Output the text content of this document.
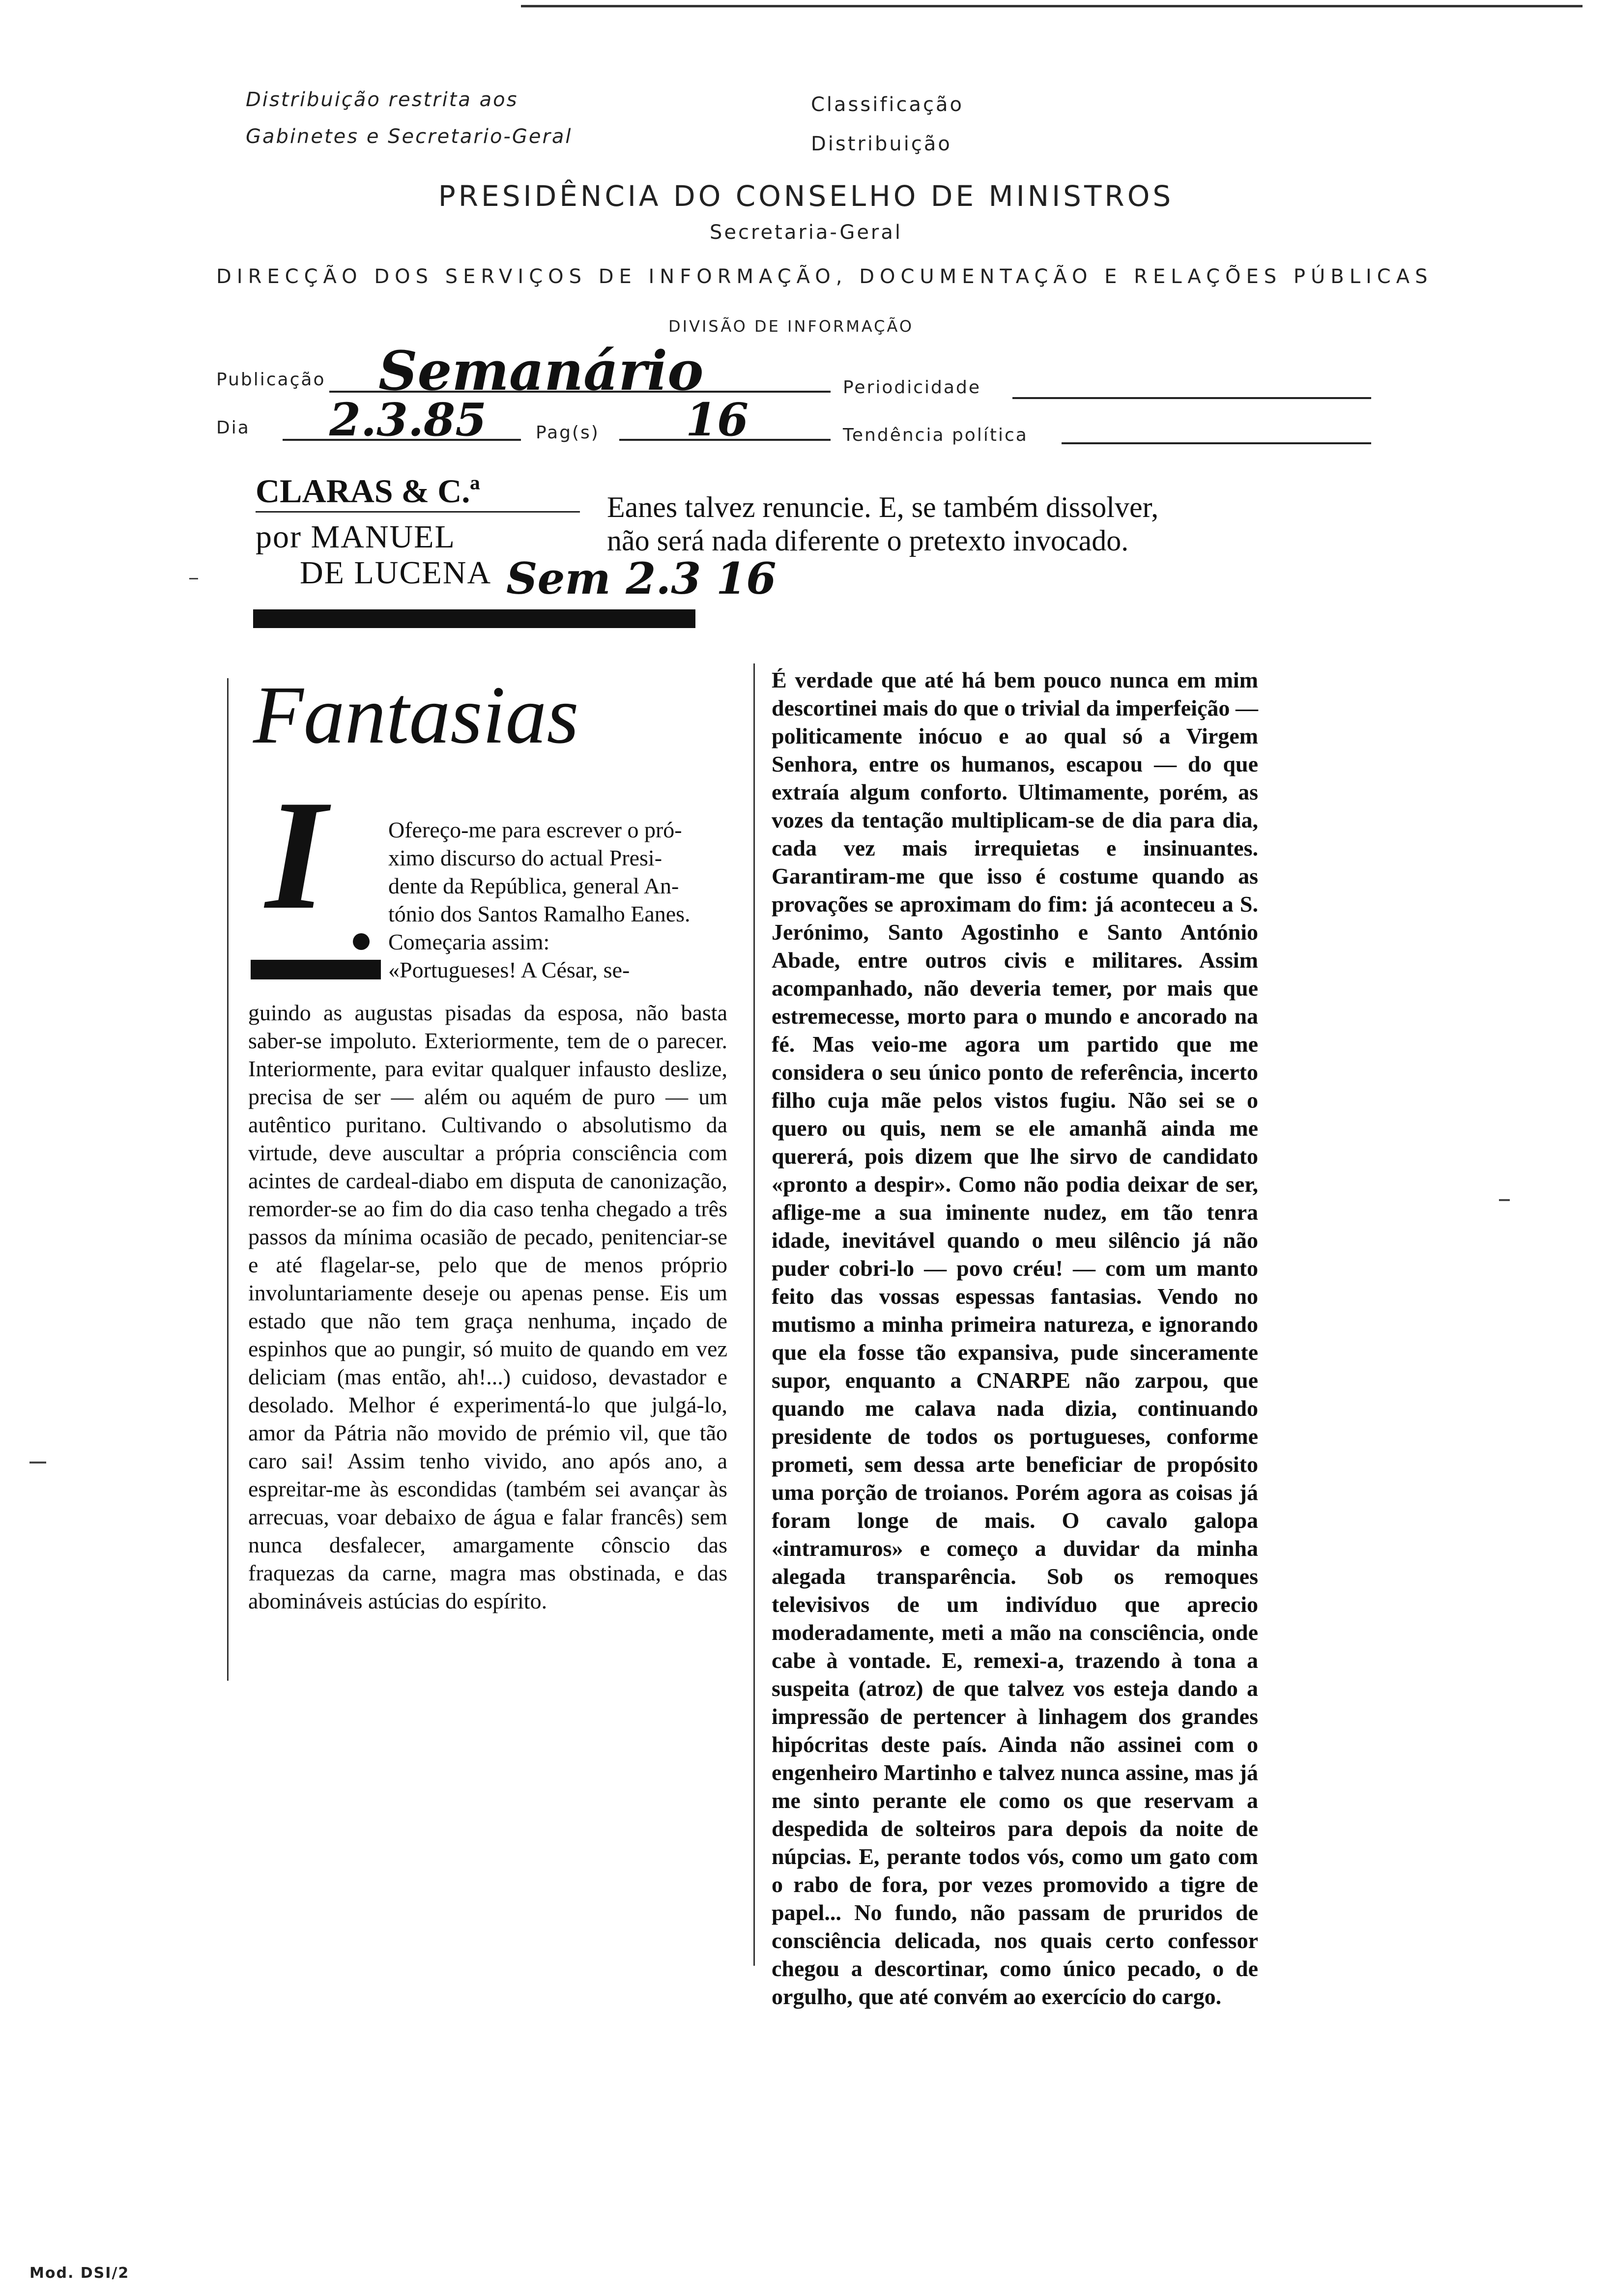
Distribuição restrita aos
Gabinetes e Secretario-Geral
Classificação
Distribuição
PRESIDÊNCIA DO CONSELHO DE MINISTROS
Secretaria-Geral
DIRECÇÃO DOS SERVIÇOS DE INFORMAÇÃO, DOCUMENTAÇÃO E RELAÇÕES PÚBLICAS
DIVISÃO DE INFORMAÇÃO
Publicação Semanário	Periodicidade
Dia 2.3.85	Pag(s) 16	Tendência política
CLARAS & C.ª
por MANUEL
DE LUCENA Sem 2.3 16
Eanes talvez renuncie. E, se também dissolver,
não será nada diferente o pretexto invocado.
Fantasias
I	Ofereço-me para escrever o pró-
ximo discurso do actual Presi-
dente da República, general An-
tónio dos Santos Ramalho Eanes.
Começaria assim:
«Portugueses! A César, se-
guindo as augustas pisadas da esposa, não basta saber-se impoluto. Exteriormente, tem de o parecer. Interiormente, para evitar qualquer infausto deslize, precisa de ser — além ou aquém de puro — um autêntico puritano. Cultivando o absolutismo da virtude, deve auscultar a própria consciência com acintes de cardeal-diabo em disputa de canonização, remorder-se ao fim do dia caso tenha chegado a três passos da mínima ocasião de pecado, penitenciar-se e até flagelar-se, pelo que de menos próprio involuntariamente deseje ou apenas pense. Eis um estado que não tem graça nenhuma, inçado de espinhos que ao pungir, só muito de quando em vez deliciam (mas então, ah!...) cuidoso, devastador e desolado. Melhor é experimentá-lo que julgá-lo, amor da Pátria não movido de prémio vil, que tão caro sai! Assim tenho vivido, ano após ano, a espreitar-me às escondidas (também sei avançar às arrecuas, voar debaixo de água e falar francês) sem nunca desfalecer, amargamente cônscio das fraquezas da carne, magra mas obstinada, e das abomináveis astúcias do espírito.
É verdade que até há bem pouco nunca em mim descortinei mais do que o trivial da imperfeição — politicamente inócuo e ao qual só a Virgem Senhora, entre os humanos, escapou — do que extraía algum conforto. Ultimamente, porém, as vozes da tentação multiplicam-se de dia para dia, cada vez mais irrequietas e insinuantes. Garantiram-me que isso é costume quando as provações se aproximam do fim: já aconteceu a S. Jerónimo, Santo Agostinho e Santo António Abade, entre outros civis e militares. Assim acompanhado, não deveria temer, por mais que estremecesse, morto para o mundo e ancorado na fé. Mas veio-me agora um partido que me considera o seu único ponto de referência, incerto filho cuja mãe pelos vistos fugiu. Não sei se o quero ou quis, nem se ele amanhã ainda me quererá, pois dizem que lhe sirvo de candidato «pronto a despir». Como não podia deixar de ser, aflige-me a sua iminente nudez, em tão tenra idade, inevitável quando o meu silêncio já não puder cobri-lo — povo créu! — com um manto feito das vossas espessas fantasias. Vendo no mutismo a minha primeira natureza, e ignorando que ela fosse tão expansiva, pude sinceramente supor, enquanto a CNARPE não zarpou, que quando me calava nada dizia, continuando presidente de todos os portugueses, conforme prometi, sem dessa arte beneficiar de propósito uma porção de troianos. Porém agora as coisas já foram longe de mais. O cavalo galopa «intramuros» e começo a duvidar da minha alegada transparência. Sob os remoques televisivos de um indivíduo que aprecio moderadamente, meti a mão na consciência, onde cabe à vontade. E, remexi-a, trazendo à tona a suspeita (atroz) de que talvez vos esteja dando a impressão de pertencer à linhagem dos grandes hipócritas deste país. Ainda não assinei com o engenheiro Martinho e talvez nunca assine, mas já me sinto perante ele como os que reservam a despedida de solteiros para depois da noite de núpcias. E, perante todos vós, como um gato com o rabo de fora, por vezes promovido a tigre de papel... No fundo, não passam de pruridos de consciência delicada, nos quais certo confessor chegou a descortinar, como único pecado, o de orgulho, que até convém ao exercício do cargo.
Mod. DSI/2
